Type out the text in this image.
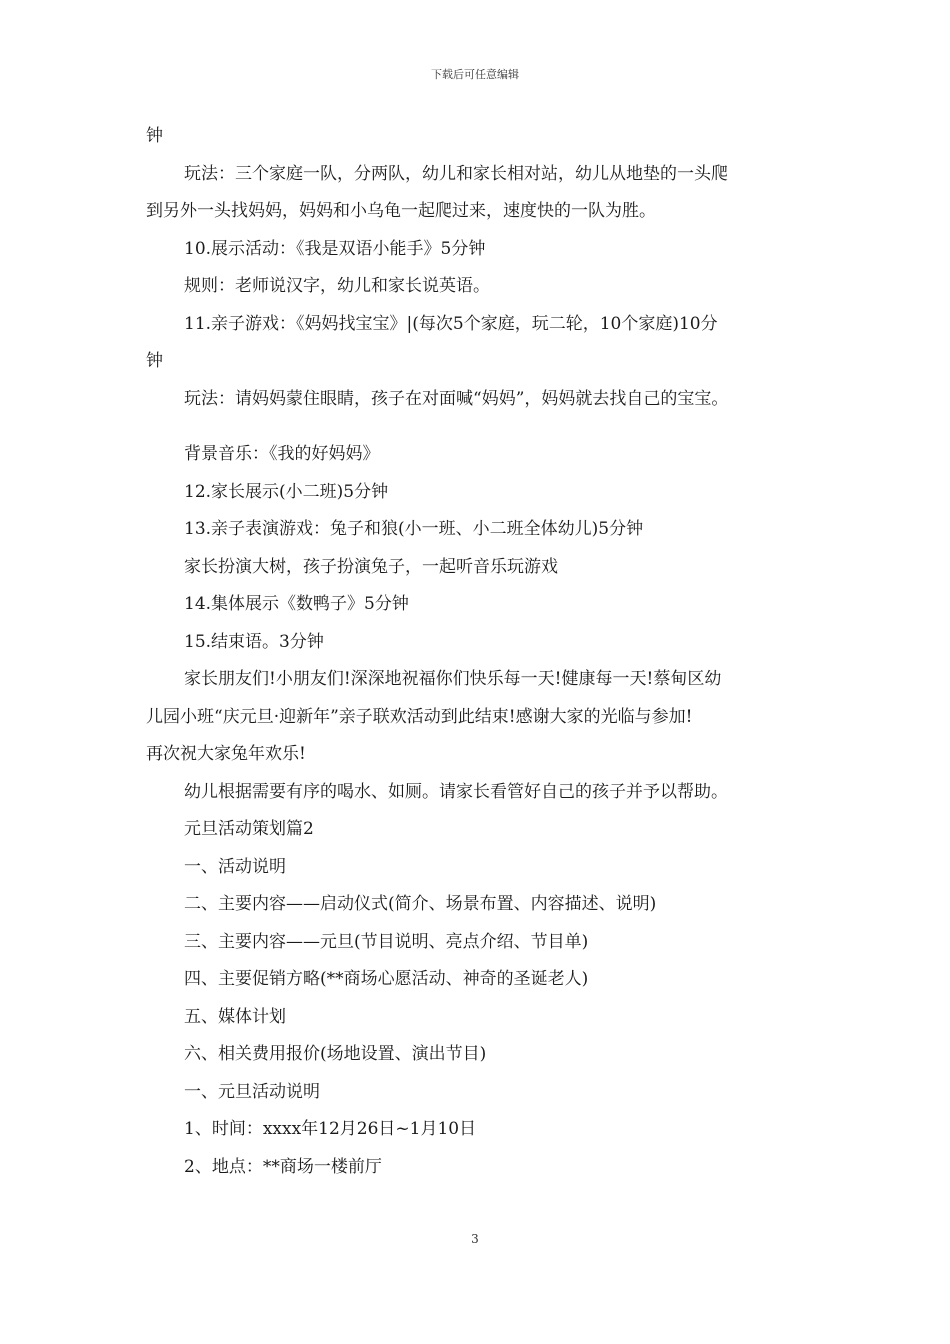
下载后可任意编辑

钟

玩法：三个家庭一队，分两队，幼儿和家长相对站，幼儿从地垫的一头爬

到另外一头找妈妈，妈妈和小乌龟一起爬过来，速度快的一队为胜。

10.展示活动：《我是双语小能手》5分钟

规则：老师说汉字，幼儿和家长说英语。

11.亲子游戏：《妈妈找宝宝》|(每次5个家庭，玩二轮，10个家庭)10分

钟

玩法：请妈妈蒙住眼睛，孩子在对面喊“妈妈”，妈妈就去找自己的宝宝。

背景音乐：《我的好妈妈》

12.家长展示(小二班)5分钟

13.亲子表演游戏：兔子和狼(小一班、小二班全体幼儿)5分钟

家长扮演大树，孩子扮演兔子，一起听音乐玩游戏

14.集体展示《数鸭子》5分钟

15.结束语。3分钟

家长朋友们!小朋友们!深深地祝福你们快乐每一天!健康每一天!蔡甸区幼

儿园小班“庆元旦·迎新年”亲子联欢活动到此结束!感谢大家的光临与参加!

再次祝大家兔年欢乐!

幼儿根据需要有序的喝水、如厕。请家长看管好自己的孩子并予以帮助。

元旦活动策划篇2

一、活动说明

二、主要内容——启动仪式(简介、场景布置、内容描述、说明)

三、主要内容——元旦(节目说明、亮点介绍、节目单)

四、主要促销方略(**商场心愿活动、神奇的圣诞老人)

五、媒体计划

六、相关费用报价(场地设置、演出节目)

一、元旦活动说明

1、时间：xxxx年12月26日~1月10日

2、地点：**商场一楼前厅

3
